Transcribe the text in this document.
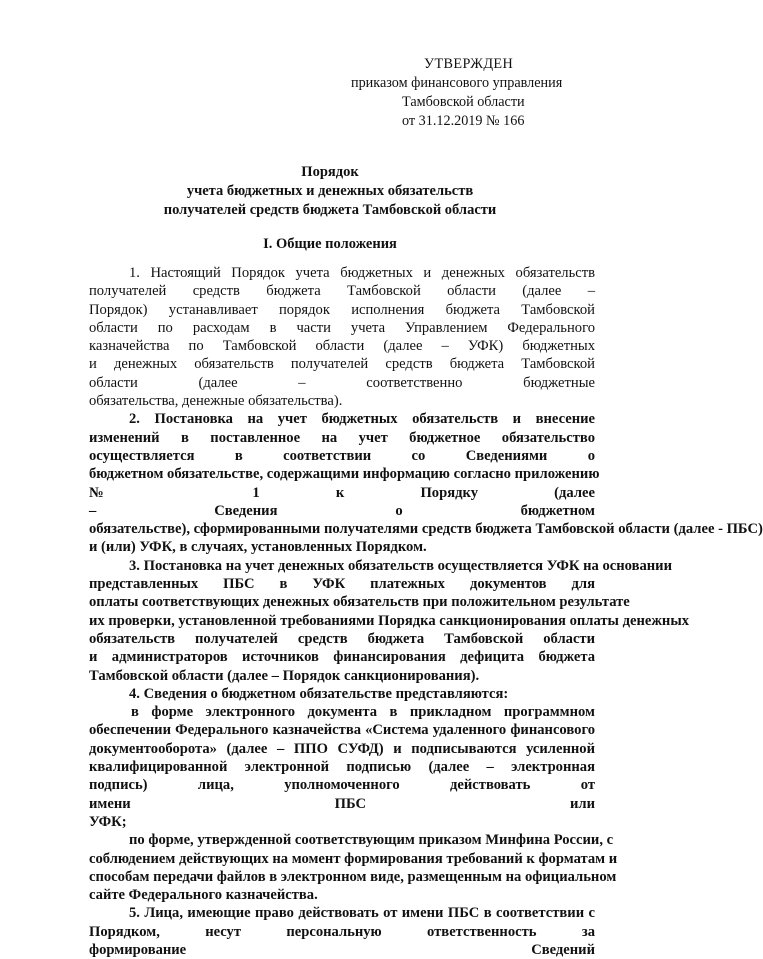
УТВЕРЖДЕН
приказом финансового управления
Тамбовской области
от 31.12.2019 № 166
Порядок
учета бюджетных и денежных обязательств
получателей средств бюджета Тамбовской области
I. Общие положения
1. Настоящий Порядок учета бюджетных и денежных обязательств
получателей средств бюджета Тамбовской области (далее –
Порядок) устанавливает порядок исполнения бюджета Тамбовской
области по расходам в части учета Управлением Федерального
казначейства по Тамбовской области (далее – УФК) бюджетных
и денежных обязательств получателей средств бюджета Тамбовской
области (далее – соответственно бюджетные
обязательства, денежные обязательства).
2. Постановка на учет бюджетных обязательств и внесение
изменений в поставленное на учет бюджетное обязательство
осуществляется в соответствии со Сведениями о
бюджетном обязательстве, содержащими информацию согласно приложению
№ 1 к Порядку (далее
– Сведения о бюджетном
обязательстве), сформированными получателями средств бюджета Тамбовской области (далее - ПБС)
и (или) УФК, в случаях, установленных Порядком.
3. Постановка на учет денежных обязательств осуществляется УФК на основании
представленных ПБС в УФК платежных документов для
оплаты соответствующих денежных обязательств при положительном результате
их проверки, установленной требованиями Порядка санкционирования оплаты денежных
обязательств получателей средств бюджета Тамбовской области
и администраторов источников финансирования дефицита бюджета
Тамбовской области (далее – Порядок санкционирования).
4. Сведения о бюджетном обязательстве представляются:
в форме электронного документа в прикладном программном
обеспечении Федерального казначейства «Система удаленного финансового
документооборота» (далее – ППО СУФД) и подписываются усиленной
квалифицированной электронной подписью (далее – электронная
подпись) лица, уполномоченного действовать от
имени ПБС или
УФК;
по форме, утвержденной соответствующим приказом Минфина России, с
соблюдением действующих на момент формирования требований к форматам и
способам передачи файлов в электронном виде, размещенным на официальном
сайте Федерального казначейства.
5. Лица, имеющие право действовать от имени ПБС в соответствии с
Порядком, несут персональную ответственность за
формирование Сведений
